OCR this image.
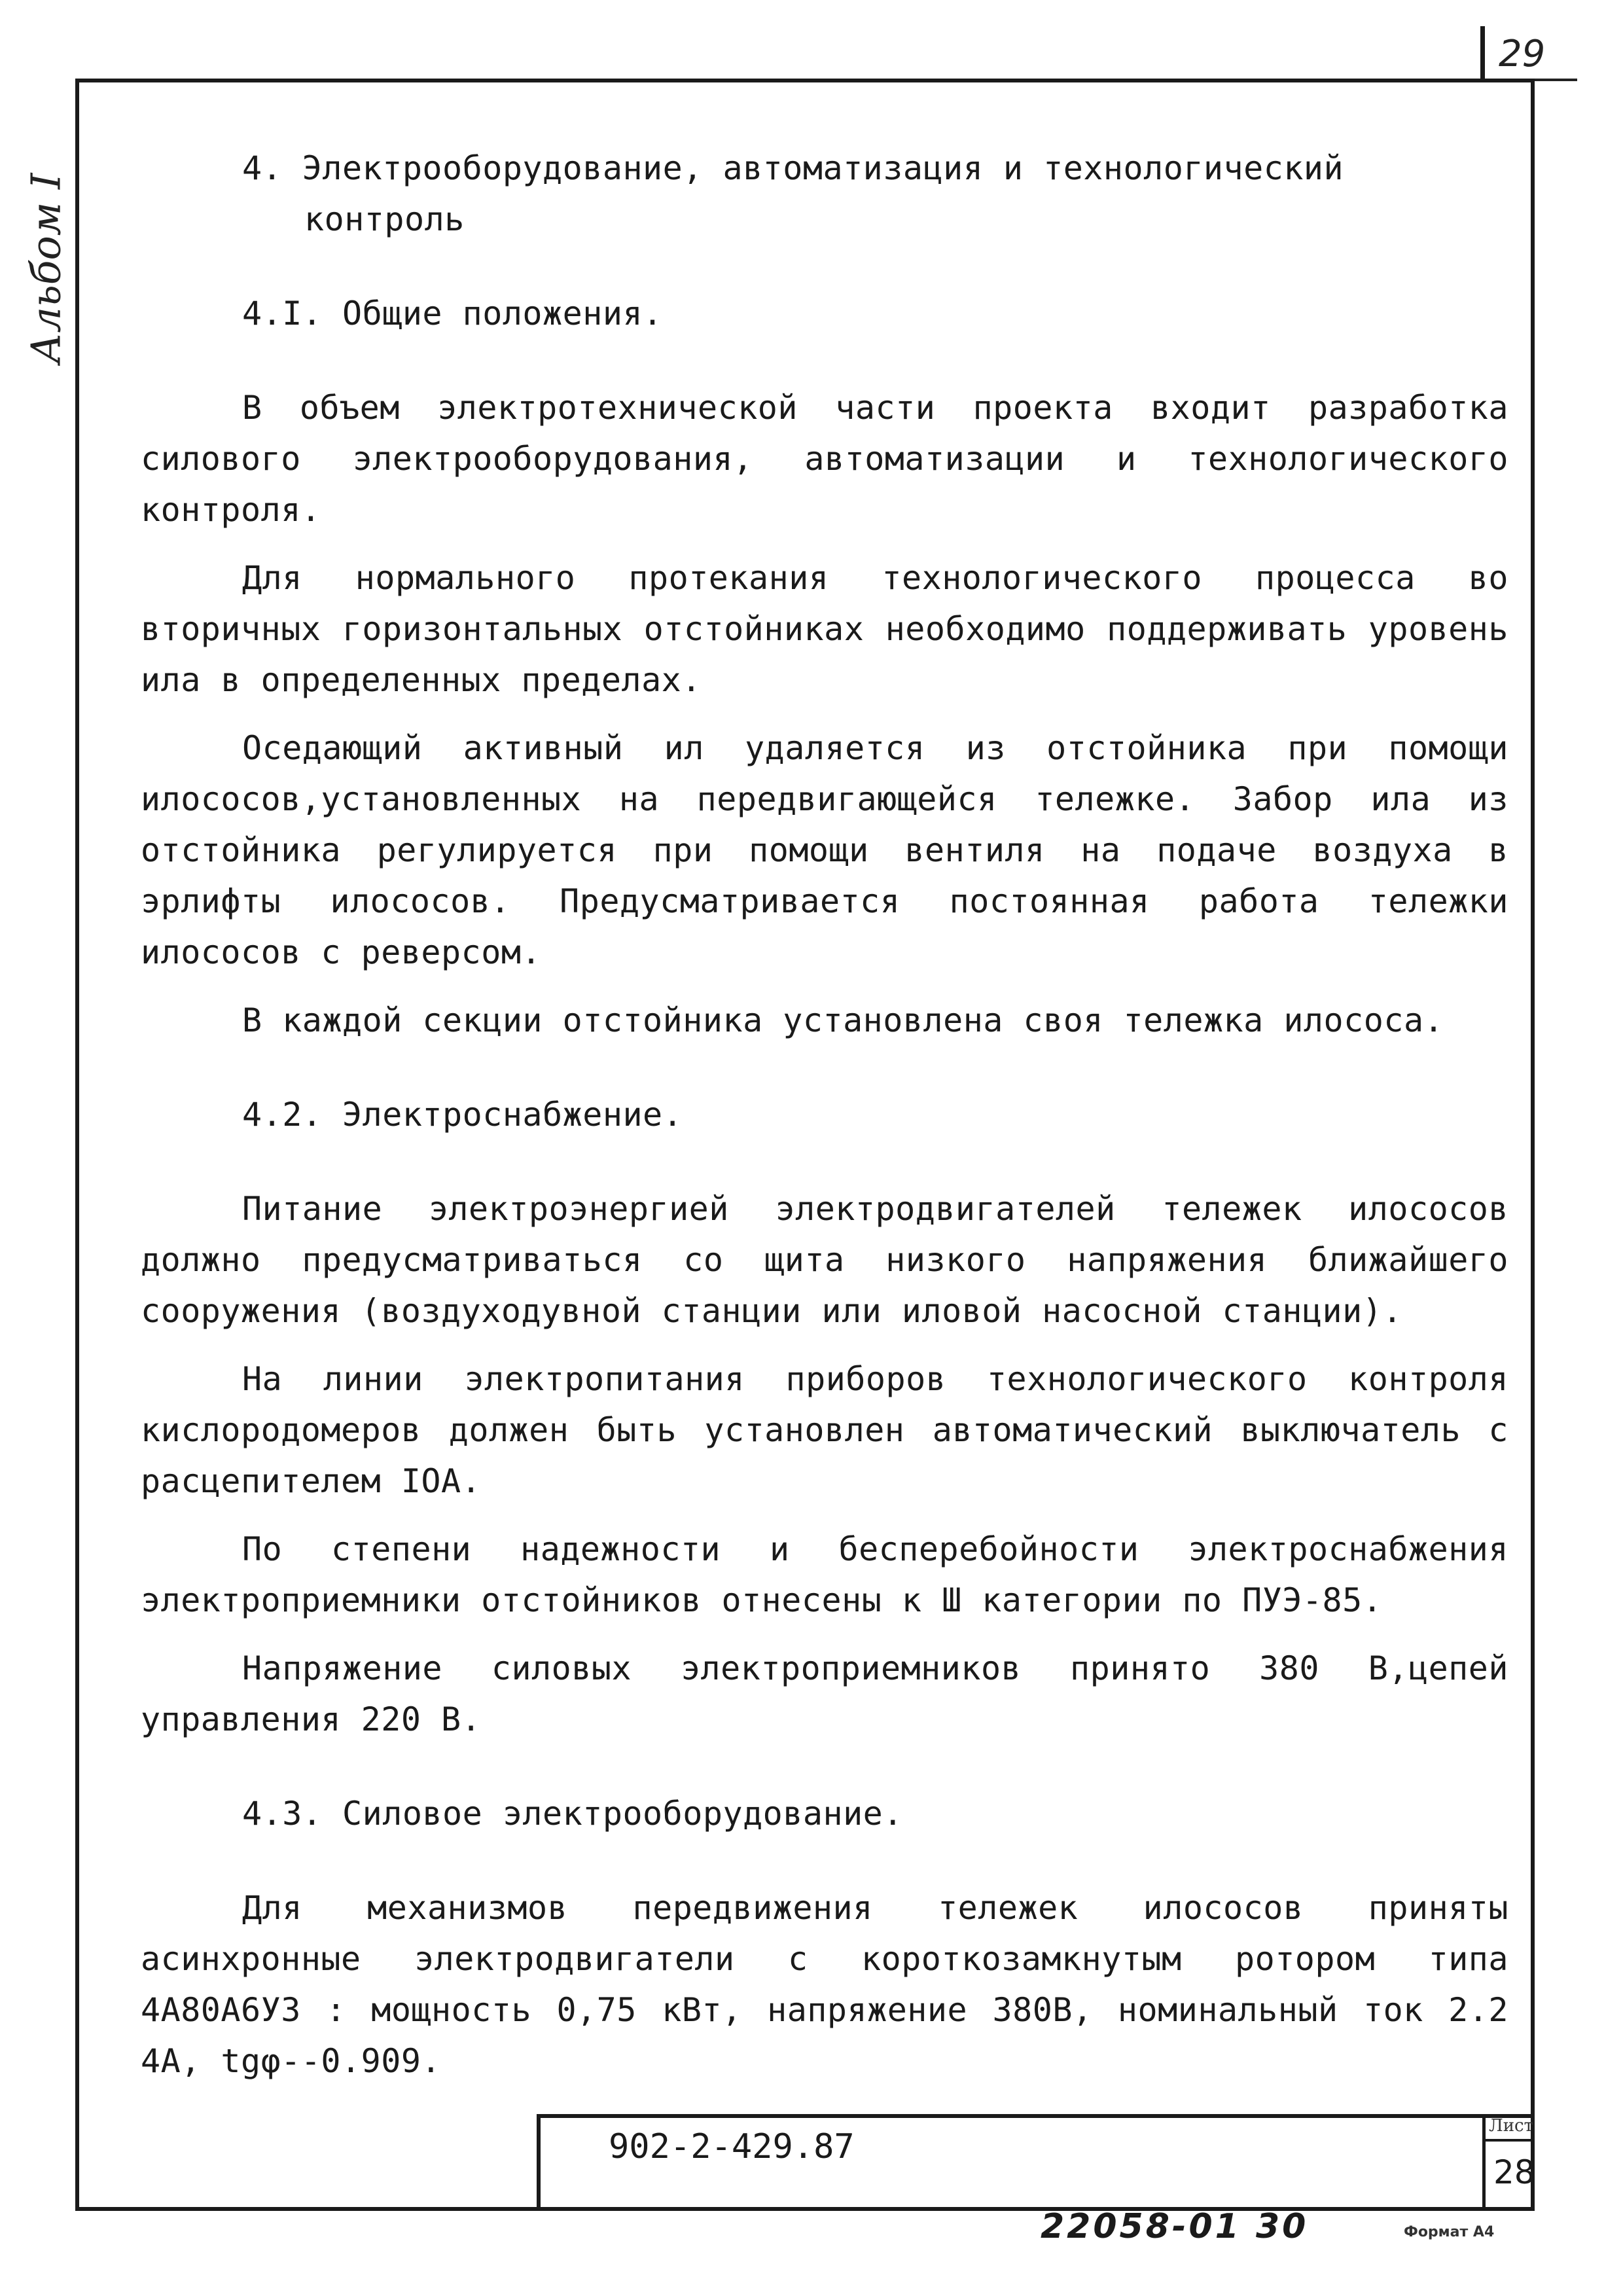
29
Альбом I
4. Электрооборудование, автоматизация и технологический
контроль
4.I. Общие положения.

В объем электротехнической части проекта входит разработка силового электрооборудования, автоматизации и технологического контроля.

Для нормального протекания технологического процесса во вторичных горизонтальных отстойниках необходимо поддерживать уровень ила в определенных пределах.

Оседающий активный ил удаляется из отстойника при помощи илососов,установленных на передвигающейся тележке. Забор ила из отстойника регулируется при помощи вентиля на подаче воздуха в эрлифты илососов. Предусматривается постоянная работа тележки илососов с реверсом.

В каждой секции отстойника установлена своя тележка илососа.

4.2. Электроснабжение.

Питание электроэнергией электродвигателей тележек илососов должно предусматриваться со щита низкого напряжения ближайшего сооружения (воздуходувной станции или иловой насосной станции).

На линии электропитания приборов технологического контроля кислородомеров должен быть установлен автоматический выключатель с расцепителем IОА.

По степени надежности и бесперебойности электроснабжения электроприемники отстойников отнесены к Ш категории по ПУЭ-85.

Напряжение силовых электроприемников принято 380 В,цепей управления 220 В.

4.3. Силовое электрооборудование.

Для механизмов передвижения тележек илососов приняты асинхронные электродвигатели с короткозамкнутым ротором типа 4А80А6У3 : мощность 0,75 кВт, напряжение 380В, номинальный ток 2.2 4А, tgφ--0.909.

902-2-429.87
Лист
28
22058-01 30	Формат А4
